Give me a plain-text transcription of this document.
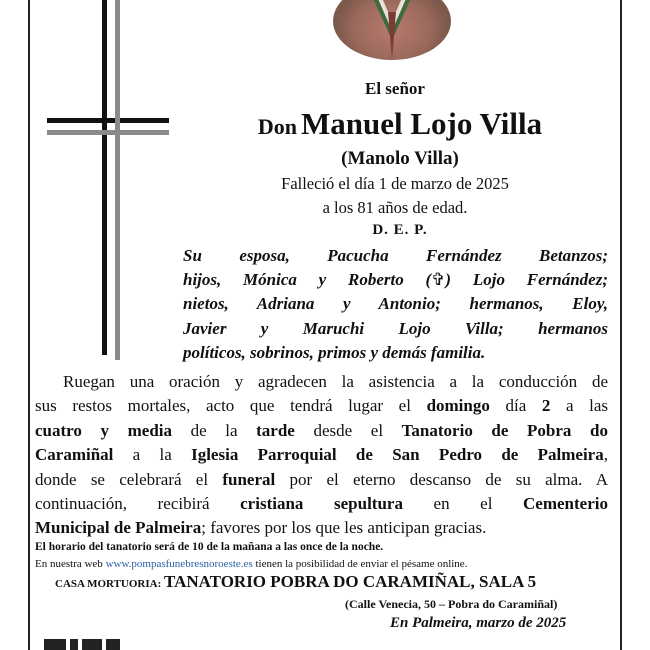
El señor
Don Manuel Lojo Villa
(Manolo Villa)
Falleció el día 1 de marzo de 2025
a los 81 años de edad.
D. E. P.
Su esposa, Pacucha Fernández Betanzos;
hijos, Mónica y Roberto (✞) Lojo Fernández;
nietos, Adriana y Antonio; hermanos, Eloy,
Javier y Maruchi Lojo Villa; hermanos
políticos, sobrinos, primos y demás familia.
Ruegan una oración y agradecen la asistencia a la conducción de
sus restos mortales, acto que tendrá lugar el domingo día 2 a las
cuatro y media de la tarde desde el Tanatorio de Pobra do
Caramiñal a la Iglesia Parroquial de San Pedro de Palmeira,
donde se celebrará el funeral por el eterno descanso de su alma. A
continuación, recibirá cristiana sepultura en el Cementerio
Municipal de Palmeira; favores por los que les anticipan gracias.
El horario del tanatorio será de 10 de la mañana a las once de la noche.
En nuestra web www.pompasfunebresnoroeste.es tienen la posibilidad de enviar el pésame online.
CASA MORTUORIA: TANATORIO POBRA DO CARAMIÑAL, SALA 5
(Calle Venecia, 50 – Pobra do Caramiñal)
En Palmeira, marzo de 2025
